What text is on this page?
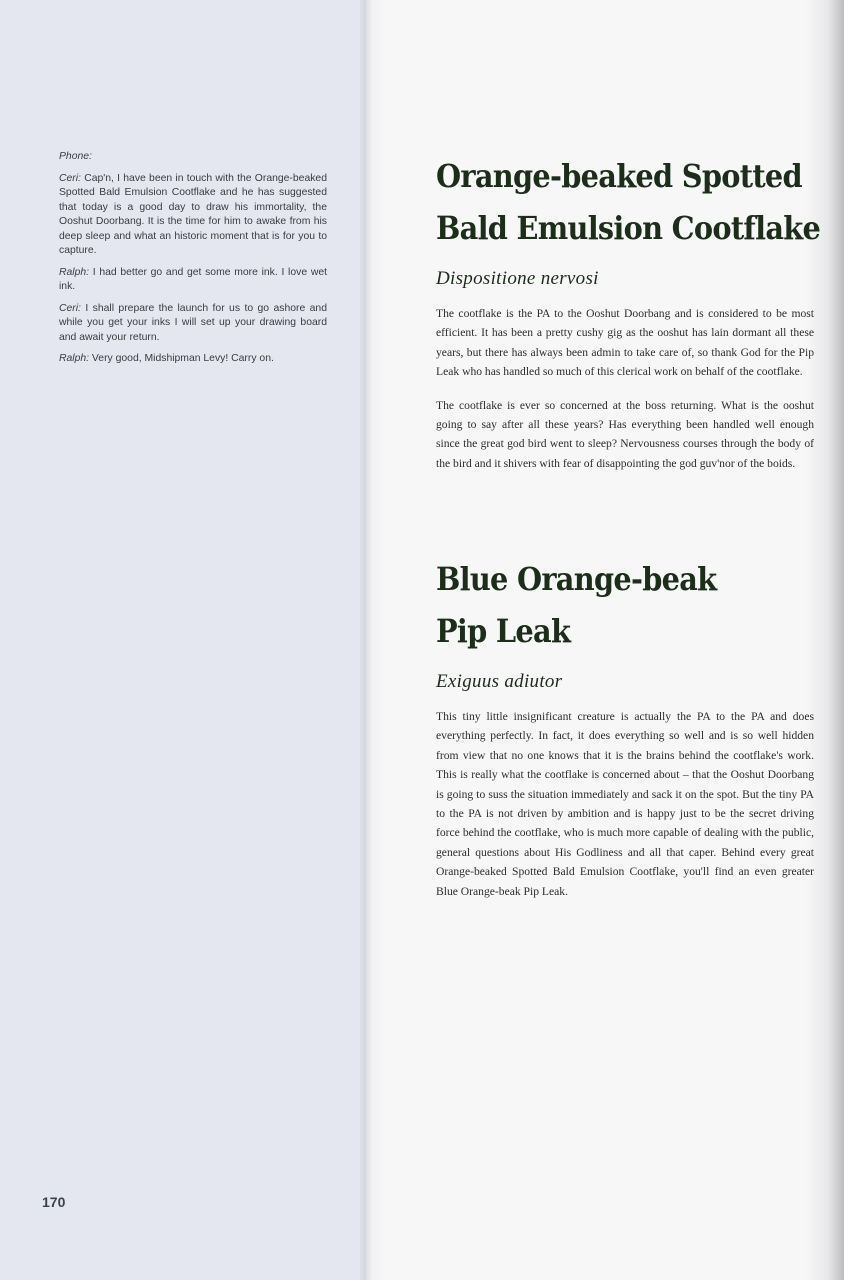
Phone:

Ceri: Cap'n, I have been in touch with the Orange-beaked Spotted Bald Emulsion Cootflake and he has suggested that today is a good day to draw his immortality, the Ooshut Doorbang. It is the time for him to awake from his deep sleep and what an historic moment that is for you to capture.

Ralph: I had better go and get some more ink. I love wet ink.

Ceri: I shall prepare the launch for us to go ashore and while you get your inks I will set up your drawing board and await your return.

Ralph: Very good, Midshipman Levy! Carry on.

170
Orange-beaked Spotted
Bald Emulsion Cootflake
Dispositione nervosi

The cootflake is the PA to the Ooshut Doorbang and is considered to be most efficient. It has been a pretty cushy gig as the ooshut has lain dormant all these years, but there has always been admin to take care of, so thank God for the Pip Leak who has handled so much of this clerical work on behalf of the cootflake.

The cootflake is ever so concerned at the boss returning. What is the ooshut going to say after all these years? Has everything been handled well enough since the great god bird went to sleep? Nervousness courses through the body of the bird and it shivers with fear of disappointing the god guv'nor of the boids.

Blue Orange-beak
Pip Leak
Exiguus adiutor

This tiny little insignificant creature is actually the PA to the PA and does everything perfectly. In fact, it does everything so well and is so well hidden from view that no one knows that it is the brains behind the cootflake's work. This is really what the cootflake is concerned about – that the Ooshut Doorbang is going to suss the situation immediately and sack it on the spot. But the tiny PA to the PA is not driven by ambition and is happy just to be the secret driving force behind the cootflake, who is much more capable of dealing with the public, general questions about His Godliness and all that caper. Behind every great Orange-beaked Spotted Bald Emulsion Cootflake, you'll find an even greater Blue Orange-beak Pip Leak.
